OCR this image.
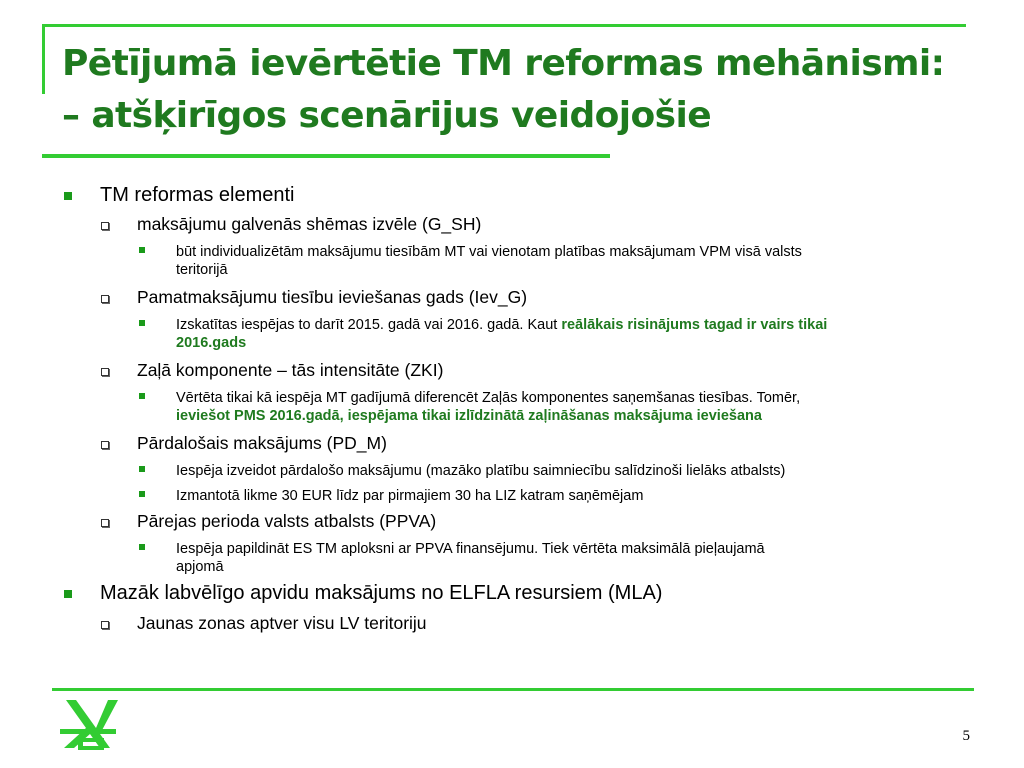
Pētījumā ievērtētie TM reformas mehānismi:
– atšķirīgos scenārijus veidojošie
TM reformas elementi
maksājumu galvenās shēmas izvēle (G_SH)
būt individualizētām maksājumu tiesībām MT vai vienotam platības maksājumam VPM visā valsts
teritorijā
Pamatmaksājumu tiesību ieviešanas gads (Iev_G)
Izskatītas iespējas to darīt 2015. gadā vai 2016. gadā. Kaut reālākais risinājums tagad ir vairs tikai
2016.gads
Zaļā komponente – tās intensitāte (ZKI)
Vērtēta tikai kā iespēja MT gadījumā diferencēt Zaļās komponentes saņemšanas tiesības. Tomēr,
ieviešot PMS 2016.gadā, iespējama tikai izlīdzinātā zaļināšanas maksājuma ieviešana
Pārdalošais maksājums (PD_M)
Iespēja izveidot pārdalošo maksājumu (mazāko platību saimniecību salīdzinoši lielāks atbalsts)
Izmantotā likme 30 EUR līdz par pirmajiem 30 ha LIZ katram saņēmējam
Pārejas perioda valsts atbalsts (PPVA)
Iespēja papildināt ES TM aploksni ar PPVA finansējumu. Tiek vērtēta maksimālā pieļaujamā
apjomā
Mazāk labvēlīgo apvidu maksājums no ELFLA resursiem (MLA)
Jaunas zonas aptver visu LV teritoriju
5
